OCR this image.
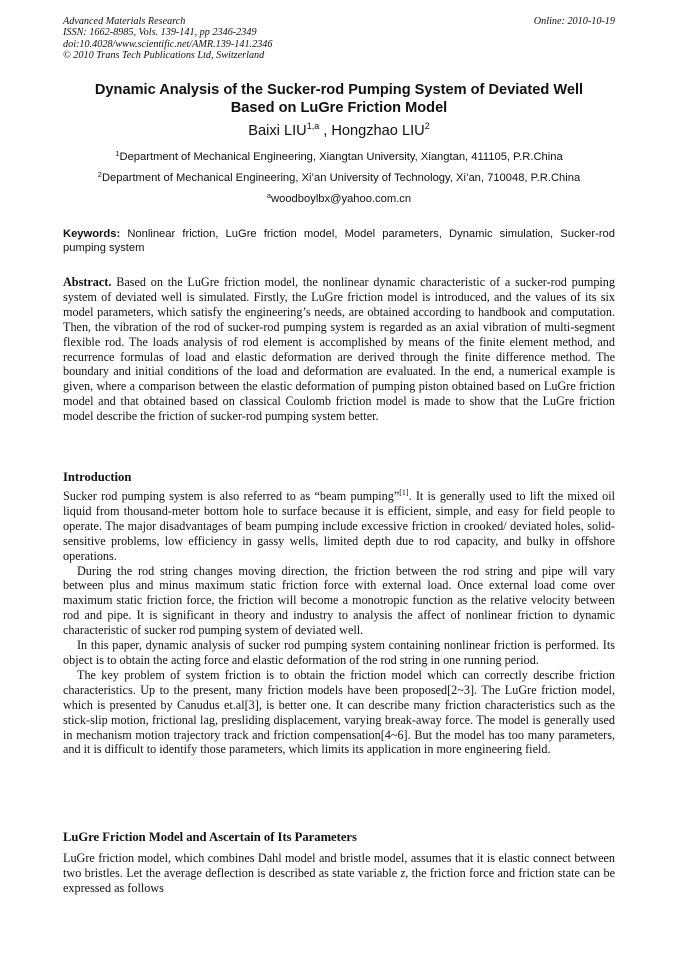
Advanced Materials Research
ISSN: 1662-8985, Vols. 139-141, pp 2346-2349
doi:10.4028/www.scientific.net/AMR.139-141.2346
© 2010 Trans Tech Publications Ltd, Switzerland
Online: 2010-10-19
Dynamic Analysis of the Sucker-rod Pumping System of Deviated Well
Based on LuGre Friction Model
Baixi LIU$^{1,a}$ , Hongzhao LIU$^2$
$^1$Department of Mechanical Engineering, Xiangtan University, Xiangtan, 411105, P.R.China
$^2$Department of Mechanical Engineering, Xi’an University of Technology, Xi’an, 710048, P.R.China
$^a$woodboylbx@yahoo.com.cn
Keywords: Nonlinear friction, LuGre friction model, Model parameters, Dynamic simulation, Sucker-rod pumping system

Abstract. Based on the LuGre friction model, the nonlinear dynamic characteristic of a sucker-rod pumping system of deviated well is simulated. Firstly, the LuGre friction model is introduced, and the values of its six model parameters, which satisfy the engineering’s needs, are obtained according to handbook and computation. Then, the vibration of the rod of sucker-rod pumping system is regarded as an axial vibration of multi-segment flexible rod. The loads analysis of rod element is accomplished by means of the finite element method, and recurrence formulas of load and elastic deformation are derived through the finite difference method. The boundary and initial conditions of the load and deformation are evaluated. In the end, a numerical example is given, where a comparison between the elastic deformation of pumping piston obtained based on LuGre friction model and that obtained based on classical Coulomb friction model is made to show that the LuGre friction model describe the friction of sucker-rod pumping system better.

Introduction

Sucker rod pumping system is also referred to as “beam pumping”[1]. It is generally used to lift the mixed oil liquid from thousand-meter bottom hole to surface because it is efficient, simple, and easy for field people to operate. The major disadvantages of beam pumping include excessive friction in crooked/ deviated holes, solid-sensitive problems, low efficiency in gassy wells, limited depth due to rod capacity, and bulky in offshore operations.

During the rod string changes moving direction, the friction between the rod string and pipe will vary between plus and minus maximum static friction force with external load. Once external load come over maximum static friction force, the friction will become a monotropic function as the relative velocity between rod and pipe. It is significant in theory and industry to analysis the affect of nonlinear friction to dynamic characteristic of sucker rod pumping system of deviated well.

In this paper, dynamic analysis of sucker rod pumping system containing nonlinear friction is performed. Its object is to obtain the acting force and elastic deformation of the rod string in one running period.

The key problem of system friction is to obtain the friction model which can correctly describe friction characteristics. Up to the present, many friction models have been proposed[2~3]. The LuGre friction model, which is presented by Canudus et.al[3], is better one. It can describe many friction characteristics such as the stick-slip motion, frictional lag, presliding displacement, varying break-away force. The model is generally used in mechanism motion trajectory track and friction compensation[4~6]. But the model has too many parameters, and it is difficult to identify those parameters, which limits its application in more engineering field.

LuGre Friction Model and Ascertain of Its Parameters

LuGre friction model, which combines Dahl model and bristle model, assumes that it is elastic connect between two bristles. Let the average deflection is described as state variable z, the friction force and friction state can be expressed as follows
